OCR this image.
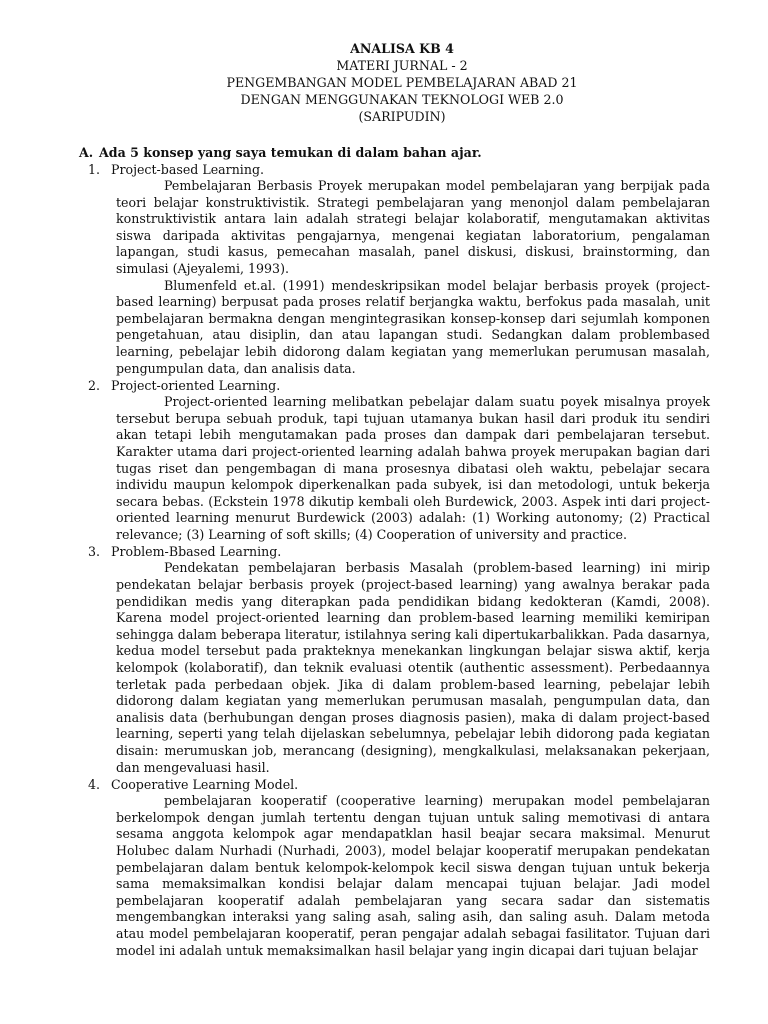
ANALISA KB 4
MATERI JURNAL - 2
PENGEMBANGAN MODEL PEMBELAJARAN ABAD 21
DENGAN MENGGUNAKAN TEKNOLOGI WEB 2.0
(SARIPUDIN)
A. Ada 5 konsep yang saya temukan di dalam bahan ajar.
1. Project-based Learning.

Pembelajaran Berbasis Proyek merupakan model pembelajaran yang berpijak pada teori belajar konstruktivistik. Strategi pembelajaran yang menonjol dalam pembelajaran konstruktivistik antara lain adalah strategi belajar kolaboratif, mengutamakan aktivitas siswa daripada aktivitas pengajarnya, mengenai kegiatan laboratorium, pengalaman lapangan, studi kasus, pemecahan masalah, panel diskusi, diskusi, brainstorming, dan simulasi (Ajeyalemi, 1993).

Blumenfeld et.al. (1991) mendeskripsikan model belajar berbasis proyek (project-based learning) berpusat pada proses relatif berjangka waktu, berfokus pada masalah, unit pembelajaran bermakna dengan mengintegrasikan konsep-konsep dari sejumlah komponen pengetahuan, atau disiplin, dan atau lapangan studi. Sedangkan dalam problembased learning, pebelajar lebih didorong dalam kegiatan yang memerlukan perumusan masalah, pengumpulan data, dan analisis data.

2. Project-oriented Learning.

Project-oriented learning melibatkan pebelajar dalam suatu poyek misalnya proyek tersebut berupa sebuah produk, tapi tujuan utamanya bukan hasil dari produk itu sendiri akan tetapi lebih mengutamakan pada proses dan dampak dari pembelajaran tersebut. Karakter utama dari project-oriented learning adalah bahwa proyek merupakan bagian dari tugas riset dan pengembagan di mana prosesnya dibatasi oleh waktu, pebelajar secara individu maupun kelompok diperkenalkan pada subyek, isi dan metodologi, untuk bekerja secara bebas. (Eckstein 1978 dikutip kembali oleh Burdewick, 2003. Aspek inti dari project-oriented learning menurut Burdewick (2003) adalah: (1) Working autonomy; (2) Practical relevance; (3) Learning of soft skills; (4) Cooperation of university and practice.

3. Problem-Bbased Learning.

Pendekatan pembelajaran berbasis Masalah (problem-based learning) ini mirip pendekatan belajar berbasis proyek (project-based learning) yang awalnya berakar pada pendidikan medis yang diterapkan pada pendidikan bidang kedokteran (Kamdi, 2008). Karena model project-oriented learning dan problem-based learning memiliki kemiripan sehingga dalam beberapa literatur, istilahnya sering kali dipertukarbalikkan. Pada dasarnya, kedua model tersebut pada prakteknya menekankan lingkungan belajar siswa aktif, kerja kelompok (kolaboratif), dan teknik evaluasi otentik (authentic assessment). Perbedaannya terletak pada perbedaan objek. Jika di dalam problem-based learning, pebelajar lebih didorong dalam kegiatan yang memerlukan perumusan masalah, pengumpulan data, dan analisis data (berhubungan dengan proses diagnosis pasien), maka di dalam project-based learning, seperti yang telah dijelaskan sebelumnya, pebelajar lebih didorong pada kegiatan disain: merumuskan job, merancang (designing), mengkalkulasi, melaksanakan pekerjaan, dan mengevaluasi hasil.

4. Cooperative Learning Model.

pembelajaran kooperatif (cooperative learning) merupakan model pembelajaran berkelompok dengan jumlah tertentu dengan tujuan untuk saling memotivasi di antara sesama anggota kelompok agar mendapatklan hasil beajar secara maksimal. Menurut Holubec dalam Nurhadi (Nurhadi, 2003), model belajar kooperatif merupakan pendekatan pembelajaran dalam bentuk kelompok-kelompok kecil siswa dengan tujuan untuk bekerja sama memaksimalkan kondisi belajar dalam mencapai tujuan belajar. Jadi model pembelajaran kooperatif adalah pembelajaran yang secara sadar dan sistematis mengembangkan interaksi yang saling asah, saling asih, dan saling asuh. Dalam metoda atau model pembelajaran kooperatif, peran pengajar adalah sebagai fasilitator. Tujuan dari model ini adalah untuk memaksimalkan hasil belajar yang ingin dicapai dari tujuan belajar
